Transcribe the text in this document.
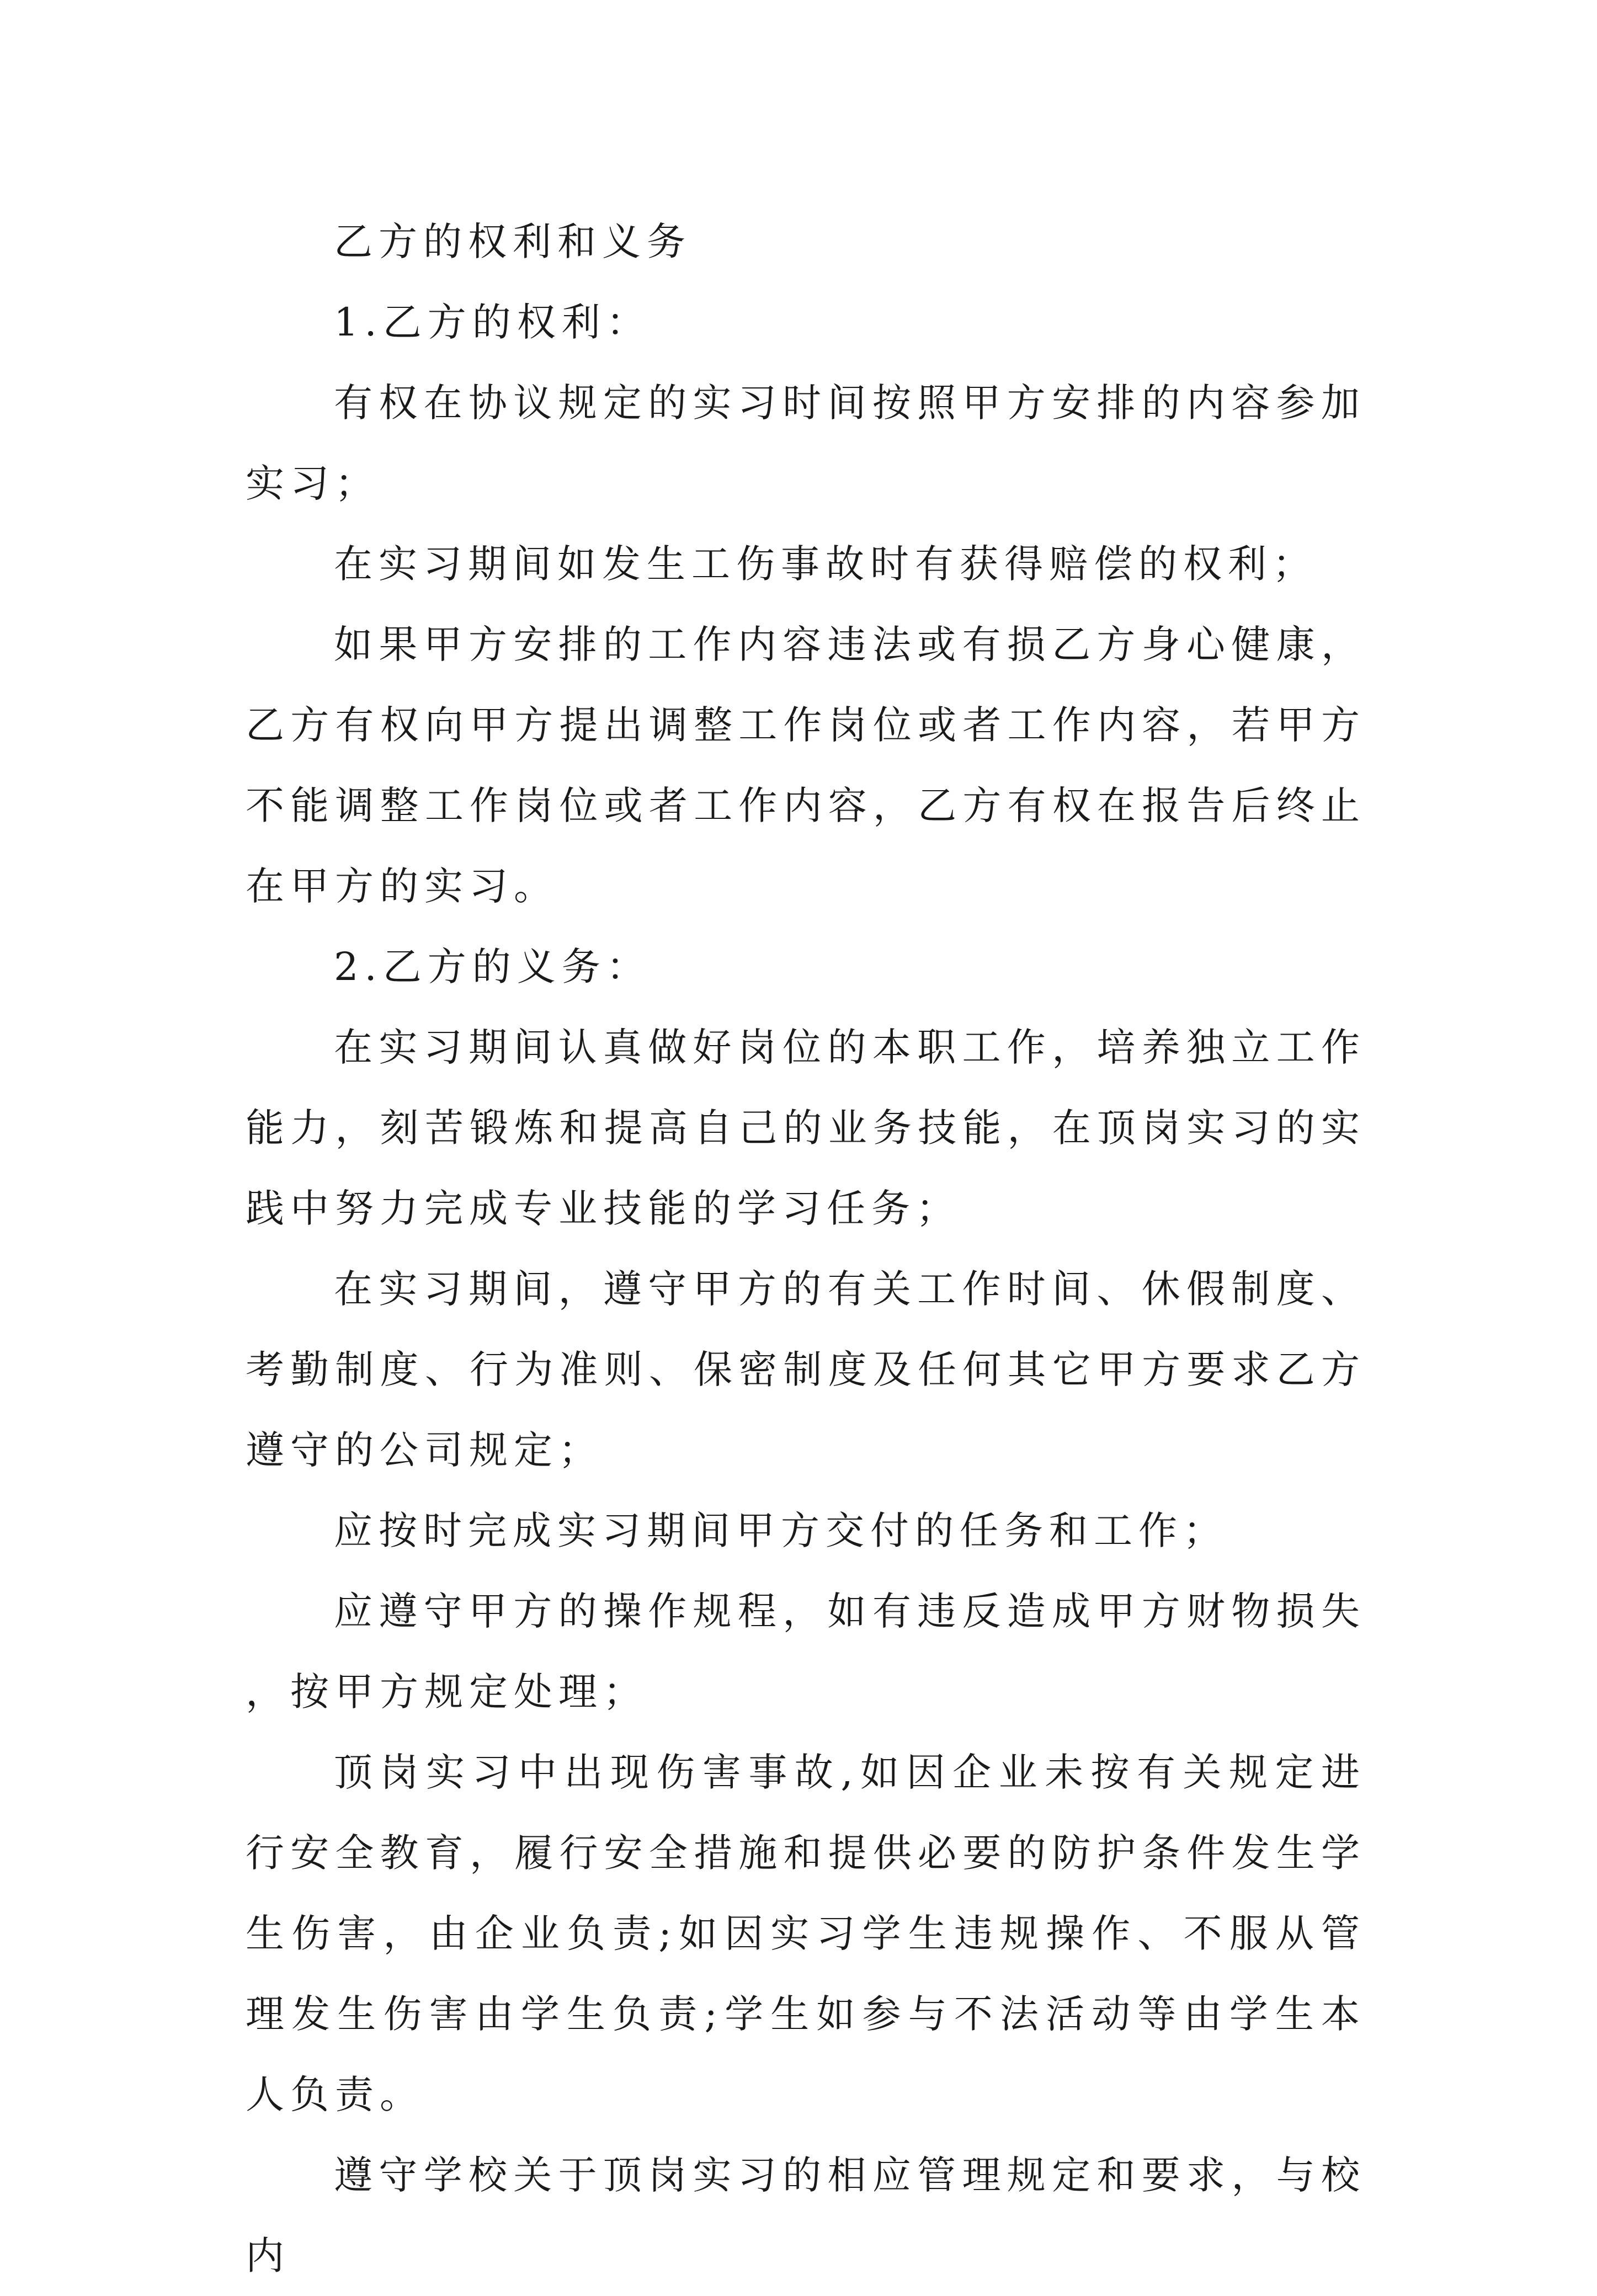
乙方的权利和义务

1.乙方的权利：

有权在协议规定的实习时间按照甲方安排的内容参加实习；

在实习期间如发生工伤事故时有获得赔偿的权利；

如果甲方安排的工作内容违法或有损乙方身心健康，乙方有权向甲方提出调整工作岗位或者工作内容，若甲方不能调整工作岗位或者工作内容，乙方有权在报告后终止在甲方的实习。

2.乙方的义务：

在实习期间认真做好岗位的本职工作，培养独立工作能力，刻苦锻炼和提高自己的业务技能，在顶岗实习的实践中努力完成专业技能的学习任务；

在实习期间，遵守甲方的有关工作时间、休假制度、考勤制度、行为准则、保密制度及任何其它甲方要求乙方遵守的公司规定；

应按时完成实习期间甲方交付的任务和工作；

应遵守甲方的操作规程，如有违反造成甲方财物损失，按甲方规定处理；

顶岗实习中出现伤害事故,如因企业未按有关规定进行安全教育，履行安全措施和提供必要的防护条件发生学生伤害，由企业负责;如因实习学生违规操作、不服从管理发生伤害由学生负责;学生如参与不法活动等由学生本人负责。

遵守学校关于顶岗实习的相应管理规定和要求，与校内
